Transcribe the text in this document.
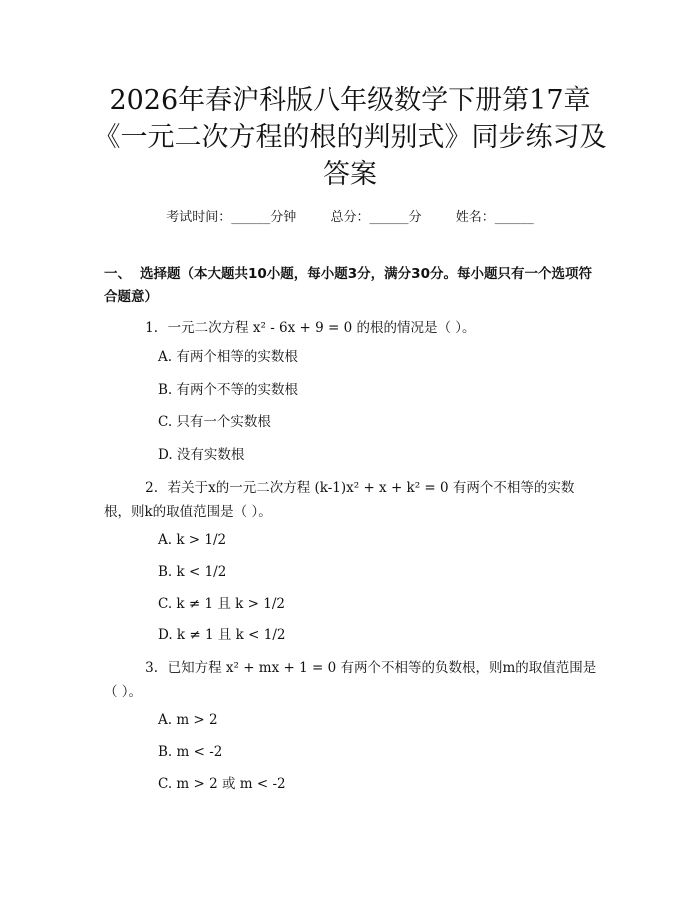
2026年春沪科版八年级数学下册第17章
《一元二次方程的根的判别式》同步练习及
答案
考试时间：______分钟	总分：______分	姓名：______

一、 选择题（本大题共10小题，每小题3分，满分30分。每小题只有一个选项符合题意）

1. 一元二次方程 x² - 6x + 9 = 0 的根的情况是（ ）。

A. 有两个相等的实数根
B. 有两个不等的实数根
C. 只有一个实数根
D. 没有实数根

2. 若关于x的一元二次方程 (k-1)x² + x + k² = 0 有两个不相等的实数根，则k的取值范围是（ ）。

A. k > 1/2
B. k < 1/2
C. k ≠ 1 且 k > 1/2
D. k ≠ 1 且 k < 1/2

3. 已知方程 x² + mx + 1 = 0 有两个不相等的负数根，则m的取值范围是（ ）。

A. m > 2
B. m < -2
C. m > 2 或 m < -2
